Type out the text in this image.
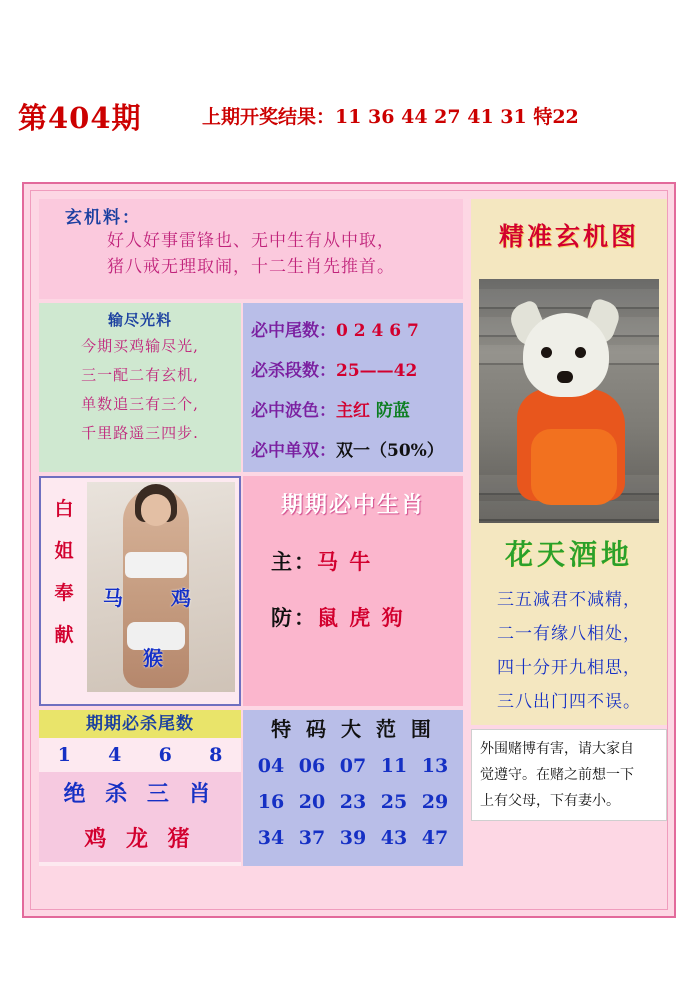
第404期	上期开奖结果：11 36 44 27 41 31 特22
玄机料：
好人好事雷锋也、无中生有从中取，
猪八戒无理取闹，十二生肖先推首。
输尽光料
今期买鸡输尽光,
三一配二有玄机,
单数追三有三个,
千里路遥三四步.
必中尾数：0 2 4 6 7
必杀段数：25——42
必中波色：主红 防蓝
必中单双：双一（50%）
白
姐
奉
献
马 鸡
猴
期期必中生肖
主：马 牛
防：鼠 虎 狗
期期必杀尾数
1 4 6 8
绝 杀 三 肖
鸡 龙 猪
特 码 大 范 围
04 06 07 11 13
16 20 23 25 29
34 37 39 43 47
精准玄机图
花天酒地
三五减君不减精，
二一有缘八相处，
四十分开九相思，
三八出门四不误。

外围赌博有害，请大家自

觉遵守。在赌之前想一下

上有父母，下有妻小。
